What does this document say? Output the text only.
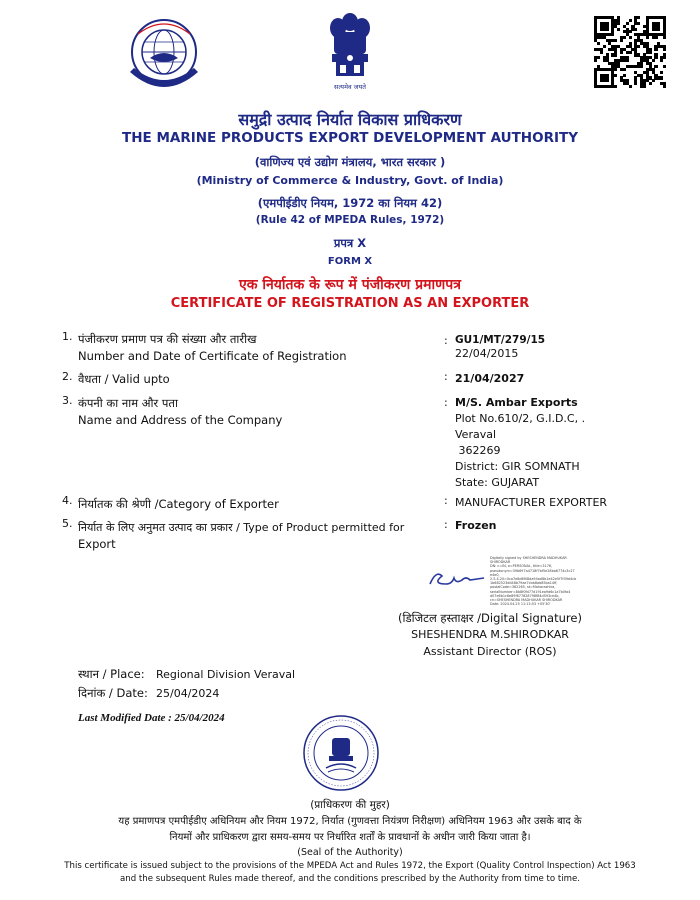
सत्यमेव जयते
समुद्री उत्पाद निर्यात विकास प्राधिकरण
THE MARINE PRODUCTS EXPORT DEVELOPMENT AUTHORITY
(वाणिज्य एवं उद्योग मंत्रालय, भारत सरकार )
(Ministry of Commerce & Industry, Govt. of India)
(एमपीईडीए नियम, 1972 का नियम 42)
(Rule 42 of MPEDA Rules, 1972)
प्रपत्र X
FORM X
एक निर्यातक के रूप में पंजीकरण प्रमाणपत्र
CERTIFICATE OF REGISTRATION AS AN EXPORTER
1. पंजीकरण प्रमाण पत्र की संख्या और तारीख
Number and Date of Certificate of Registration
: GU1/MT/279/15
22/04/2015
2. वैधता / Valid upto	: 21/04/2027
3. कंपनी का नाम और पता
Name and Address of the Company
: M/S. Ambar Exports
Plot No.610/2, G.I.D.C, .
Veraval
362269
District: GIR SOMNATH
State: GUJARAT
4. निर्यातक की श्रेणी /Category of Exporter	: MANUFACTURER EXPORTER
5. निर्यात के लिए अनुमत उत्पाद का प्रकार / Type of Product permitted for
Export
: Frozen
Digitally signed by SHESHENDRA MADHUKAR
SHIRODKAR
DN: c=IN, o=PERSONAL, title=3176,
pseudonym=39b697a4718f7bf5e28ba6774c3c27
e4e0,
2.5.4.20=0ca7e8d6f08da94ad8b1e42e5f7f09d4cb
1b682523dd48b79ae7cbb8ab85ba14ff,
postalCode=362265, st=Maharashtra,
serialNumber=8b8f0fd77d191ea9d6c1a7b0fa4
d07e6b1c6e89f677828798f84d593ce4b,
cn=SHESHENDRA MADHUKAR SHIRODKAR
Date: 2024.04.25 11:13:53 +05'30'
(डिजिटल हस्ताक्षर /Digital Signature)
SHESHENDRA M.SHIRODKAR
Assistant Director (ROS)
स्थान / Place: Regional Division Veraval
दिनांक / Date: 25/04/2024
Last Modified Date : 25/04/2024
(प्राधिकरण की मुहर)
यह प्रमाणपत्र एमपीईडीए अधिनियम और नियम 1972, निर्यात (गुणवत्ता नियंत्रण निरीक्षण) अधिनियम 1963 और उसके बाद के
नियमों और प्राधिकरण द्वारा समय-समय पर निर्धारित शर्तों के प्रावधानों के अधीन जारी किया जाता है।
(Seal of the Authority)
This certificate is issued subject to the provisions of the MPEDA Act and Rules 1972, the Export (Quality Control Inspection) Act 1963
and the subsequent Rules made thereof, and the conditions prescribed by the Authority from time to time.
